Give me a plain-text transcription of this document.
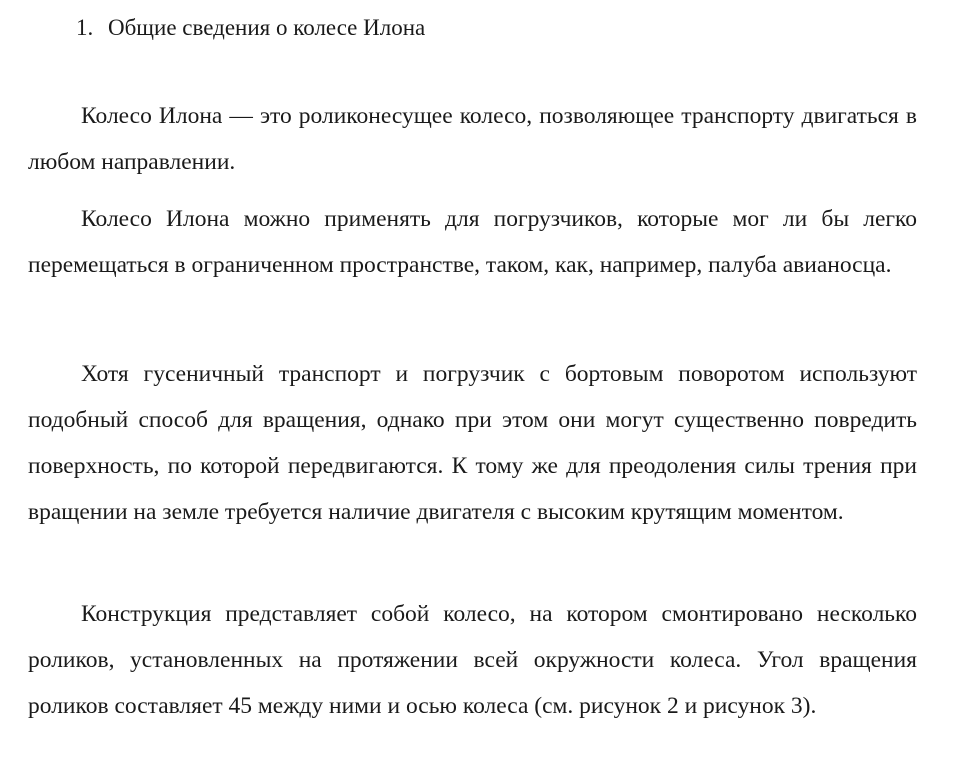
1. Общие сведения о колесе Илона

Колесо Илона — это роликонесущее колесо, позволяющее транспорту двигаться в любом направлении.

Колесо Илона можно применять для погрузчиков, которые мог ли бы легко перемещаться в ограниченном пространстве, таком, как, например, палуба авианосца.

Хотя гусеничный транспорт и погрузчик с бортовым поворотом используют подобный способ для вращения, однако при этом они могут существенно повредить поверхность, по которой передвигаются. К тому же для преодоления силы трения при вращении на земле требуется наличие двигателя с высоким крутящим моментом.

Конструкция представляет собой колесо, на котором смонтировано несколько роликов, установленных на протяжении всей окружности колеса. Угол вращения роликов составляет 45 между ними и осью колеса (см. рисунок 2 и рисунок 3).
